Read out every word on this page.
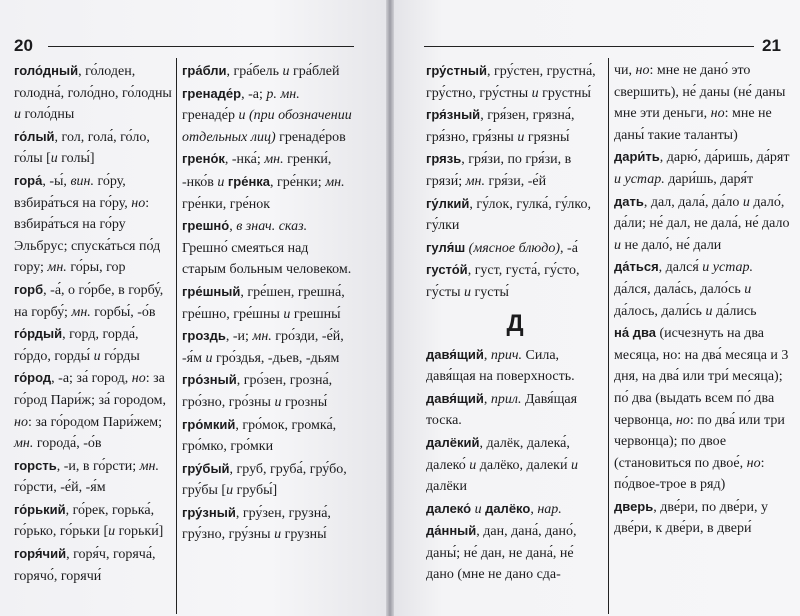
20
голо́дный, го́лоден, голодна́, голо́дно, го́лодны и голо́дны
го́лый, гол, гола́, го́ло, го́лы [и голы́]
гора́, -ы́, вин. го́ру, взбира́ться на го́ру, но: взбира́ться на го́ру Эльбрус; спуска́ться по́д гору; мн. го́ры, гор
горб, -а́, о го́рбе, в горбу́, на горбу́; мн. горбы́, -о́в
го́рдый, горд, горда́, го́рдо, горды́ и го́рды
го́род, -а; за́ город, но: за го́род Пари́ж; за́ городом, но: за го́родом Пари́жем; мн. города́, -о́в
горсть, -и, в го́рсти; мн. го́рсти, -е́й, -я́м
го́рький, го́рек, горька́, го́рько, го́рьки [и горьки́]
горя́чий, горя́ч, горяча́, горячо́, горячи́
гра́бли, гра́бель и гра́блей
гренаде́р, -а; р. мн. гренаде́р и (при обозначении отдельных лиц) гренаде́ров
грено́к, -нка́; мн. гренки́, -нко́в и гре́нка, гре́нки; мн. гре́нки, гре́нок
грешно́, в знач. сказ. Грешно́ смеяться над старым больным человеком.
гре́шный, гре́шен, грешна́, гре́шно, гре́шны и грешны́
гроздь, -и; мн. гро́зди, -е́й, -я́м и гро́здья, -дьев, -дьям
гро́зный, гро́зен, грозна́, гро́зно, гро́зны и грозны́
гро́мкий, гро́мок, громка́, гро́мко, гро́мки
гру́бый, груб, груба́, гру́бо, гру́бы [и грубы́]
гру́зный, гру́зен, грузна́, гру́зно, гру́зны и грузны́
21
гру́стный, гру́стен, грустна́, гру́стно, гру́стны и грустны́
гря́зный, гря́зен, грязна́, гря́зно, гря́зны и грязны́
грязь, гря́зи, по гря́зи, в грязи́; мн. гря́зи, -е́й
гу́лкий, гу́лок, гулка́, гу́лко, гу́лки
гуля́ш (мясное блюдо), -а́
густо́й, густ, густа́, гу́сто, гу́сты и густы́
Д
давя́щий, прич. Сила, давя́щая на поверхность.
давя́щий, прил. Давя́щая тоска.
далёкий, далёк, далека́, далеко́ и далёко, далеки́ и далёки
далеко́ и далёко, нар.
да́нный, дан, дана́, дано́, даны́; не́ дан, не дана́, не́ дано (мне не дано сда-
чи, но: мне не дано́ это свершить), не́ даны (не́ даны мне эти деньги, но: мне не даны́ такие таланты)
дари́ть, дарю́, да́ришь, да́рят и устар. дари́шь, даря́т
дать, дал, дала́, да́ло и дало́, да́ли; не́ дал, не дала́, не́ дало и не дало́, не́ дали
да́ться, дался́ и устар. да́лся, дала́сь, дало́сь и да́лось, дали́сь и да́лись
на́ два (исчезнуть на два месяца, но: на два́ месяца и 3 дня, на два́ или три́ месяца); по́ два (выдать всем по́ два червонца, но: по два́ или три червонца); по двое (становиться по двое́, но: по́двое-трое в ряд)
дверь, две́ри, по две́ри, у две́ри, к две́ри, в двери́
